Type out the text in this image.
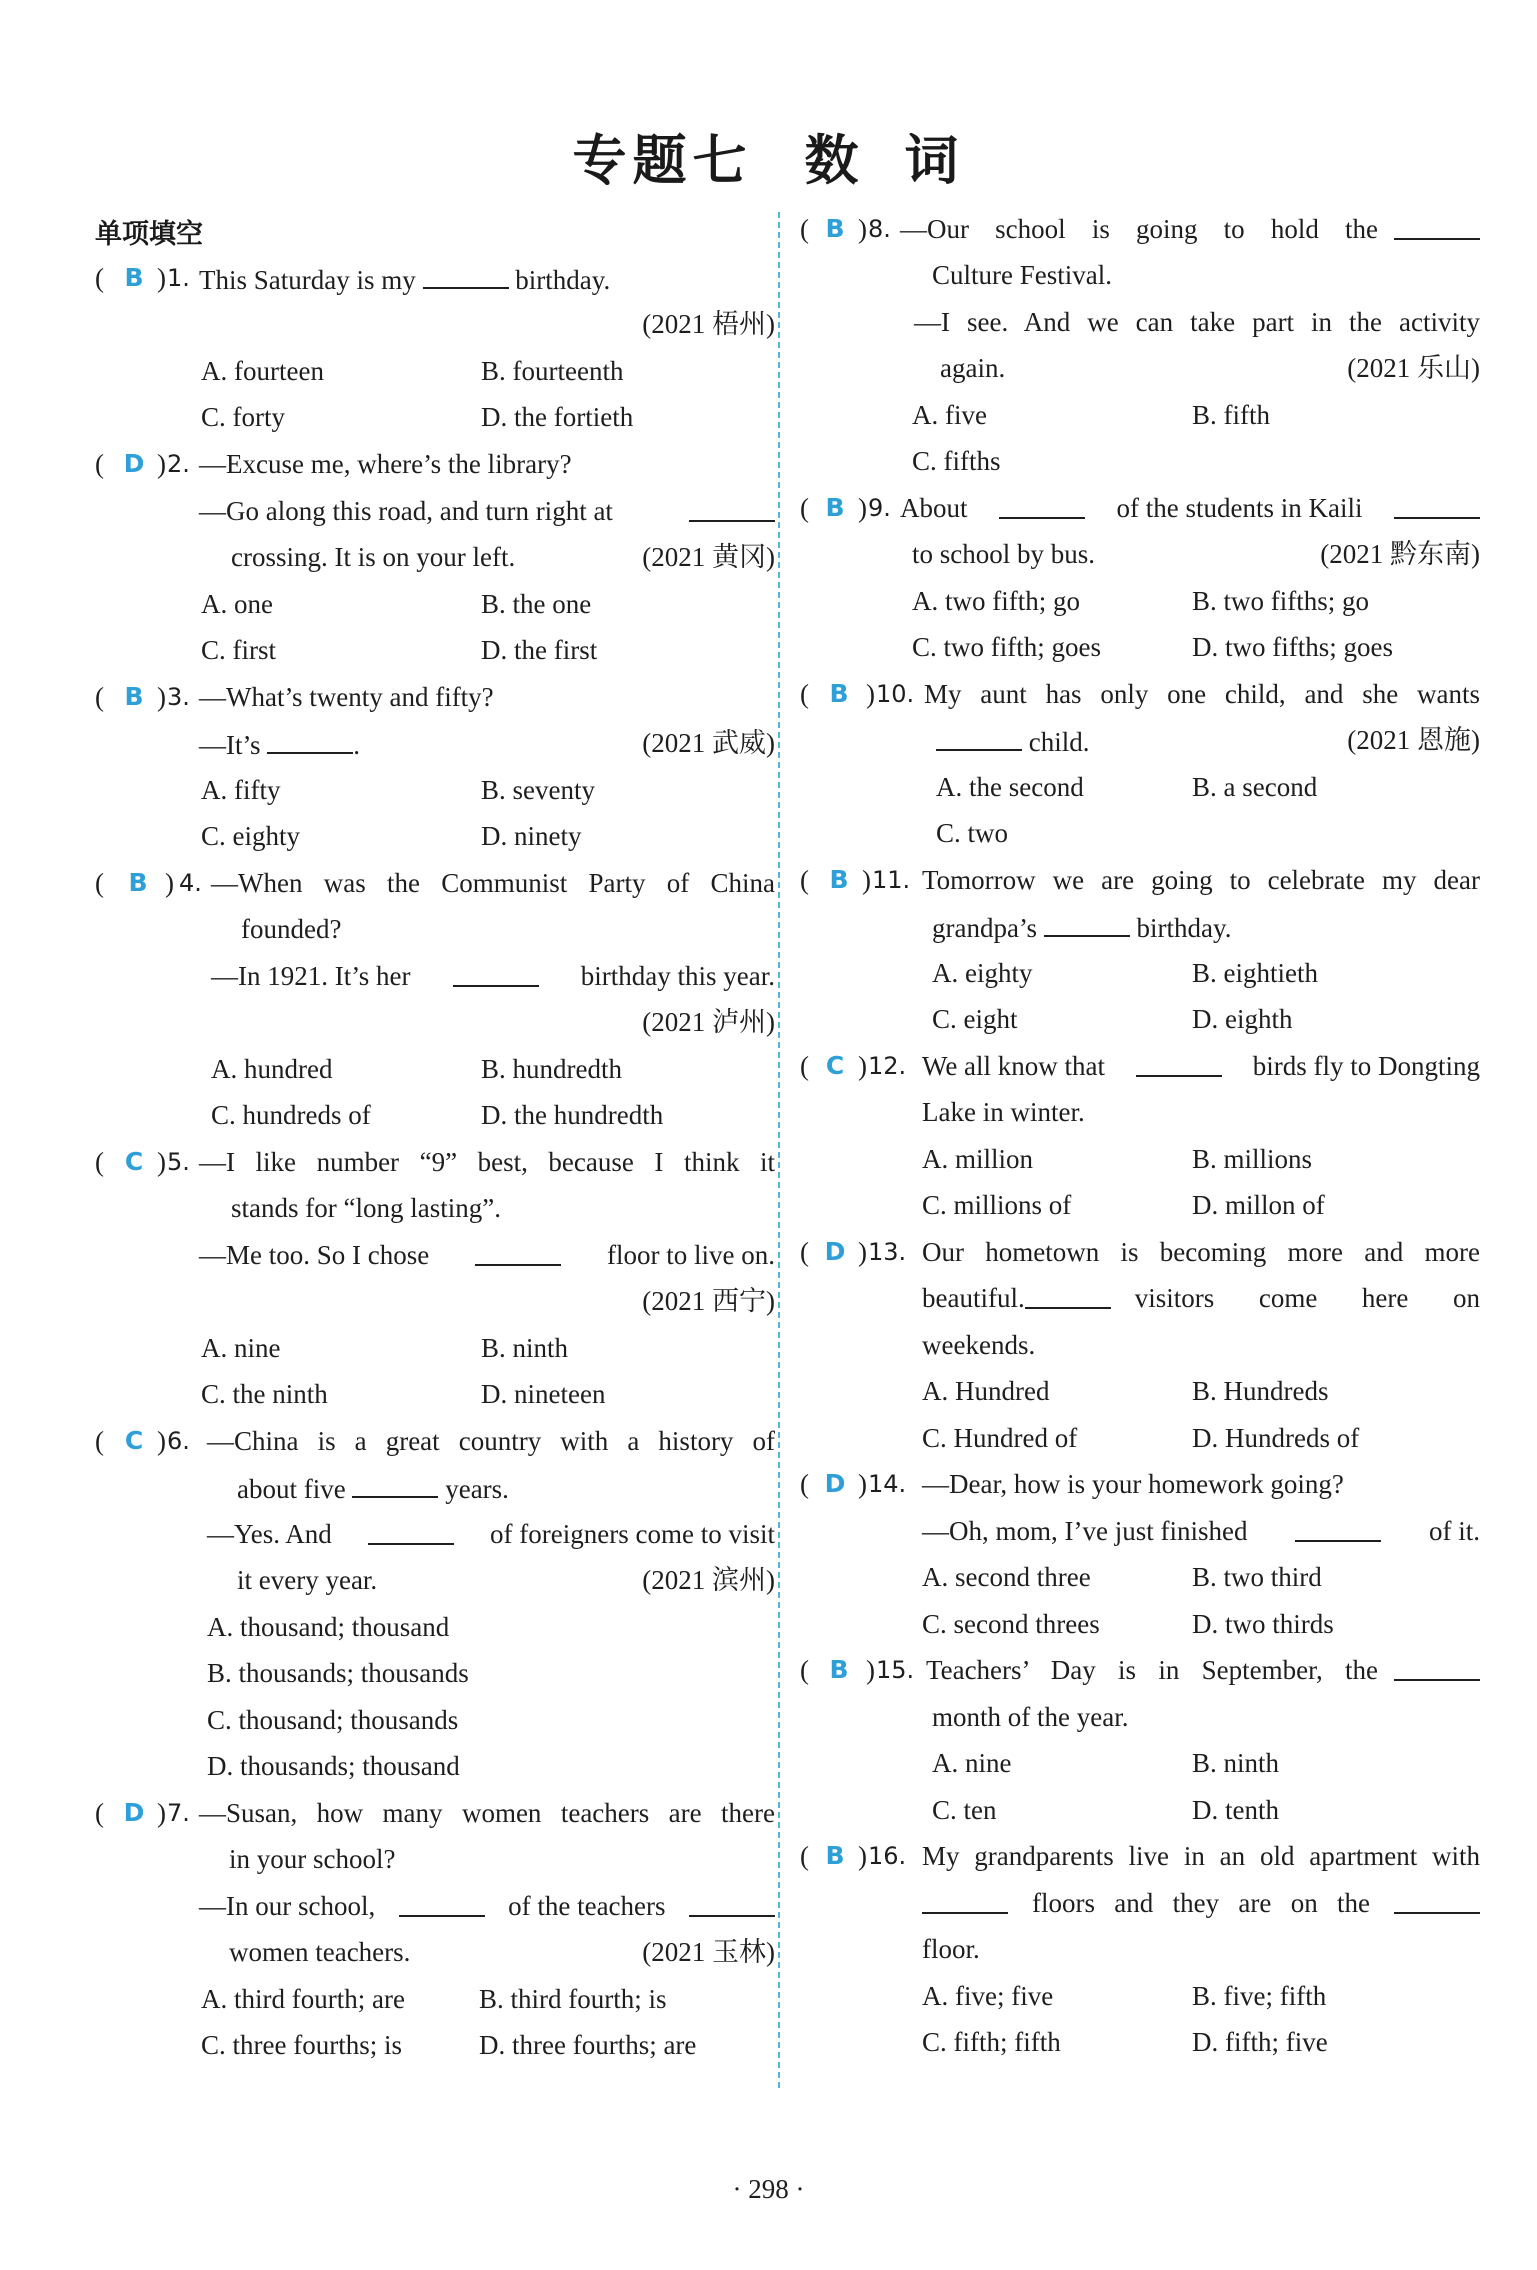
专题七 数 词
单项填空
( B ) 1. This Saturday is my	birthday.
(2021 梧州)
A. fourteen	B. fourteenth
C. forty	D. the fortieth
( D ) 2. —Excuse me, where’s the library?
—Go along this road, and turn right at
crossing. It is on your left.	(2021 黄冈)
A. one	B. the one
C. first	D. the first
( B ) 3. —What’s twenty and fifty?
—It’s	.	(2021 武威)
A. fifty	B. seventy
C. eighty	D. ninety
( B ) 4. —When was the Communist Party of China
founded?
—In 1921. It’s her	birthday this year.
(2021 泸州)
A. hundred	B. hundredth
C. hundreds of	D. the hundredth
( C ) 5. —I like number “9” best, because I think it
stands for “long lasting”.
—Me too. So I chose	floor to live on.
(2021 西宁)
A. nine	B. ninth
C. the ninth	D. nineteen
( C ) 6. —China is a great country with a history of
about five	years.
—Yes. And	of foreigners come to visit
it every year.	(2021 滨州)
A. thousand; thousand
B. thousands; thousands
C. thousand; thousands
D. thousands; thousand
( D ) 7. —Susan, how many women teachers are there
in your school?
—In our school,	of the teachers
women teachers.	(2021 玉林)
A. third fourth; are	B. third fourth; is
C. three fourths; is	D. three fourths; are
( B ) 8. —Our school is going to hold the
Culture Festival.
—I see. And we can take part in the activity
again.	(2021 乐山)
A. five	B. fifth
C. fifths
( B ) 9. About	of the students in Kaili
to school by bus.	(2021 黔东南)
A. two fifth; go	B. two fifths; go
C. two fifth; goes	D. two fifths; goes
( B ) 10. My aunt has only one child, and she wants
child.	(2021 恩施)
A. the second	B. a second
C. two
( B ) 11. Tomorrow we are going to celebrate my dear
grandpa’s	birthday.
A. eighty	B. eightieth
C. eight	D. eighth
( C ) 12. We all know that	birds fly to Dongting
Lake in winter.
A. million	B. millions
C. millions of	D. millon of
( D ) 13. Our hometown is becoming more and more
beautiful.	visitors come here on
weekends.
A. Hundred	B. Hundreds
C. Hundred of	D. Hundreds of
( D ) 14. —Dear, how is your homework going?
—Oh, mom, I’ve just finished	of it.
A. second three	B. two third
C. second threes	D. two thirds
( B ) 15. Teachers’ Day is in September, the
month of the year.
A. nine	B. ninth
C. ten	D. tenth
( B ) 16. My grandparents live in an old apartment with
floors and they are on the
floor.
A. five; five	B. five; fifth
C. fifth; fifth	D. fifth; five
· 298 ·
